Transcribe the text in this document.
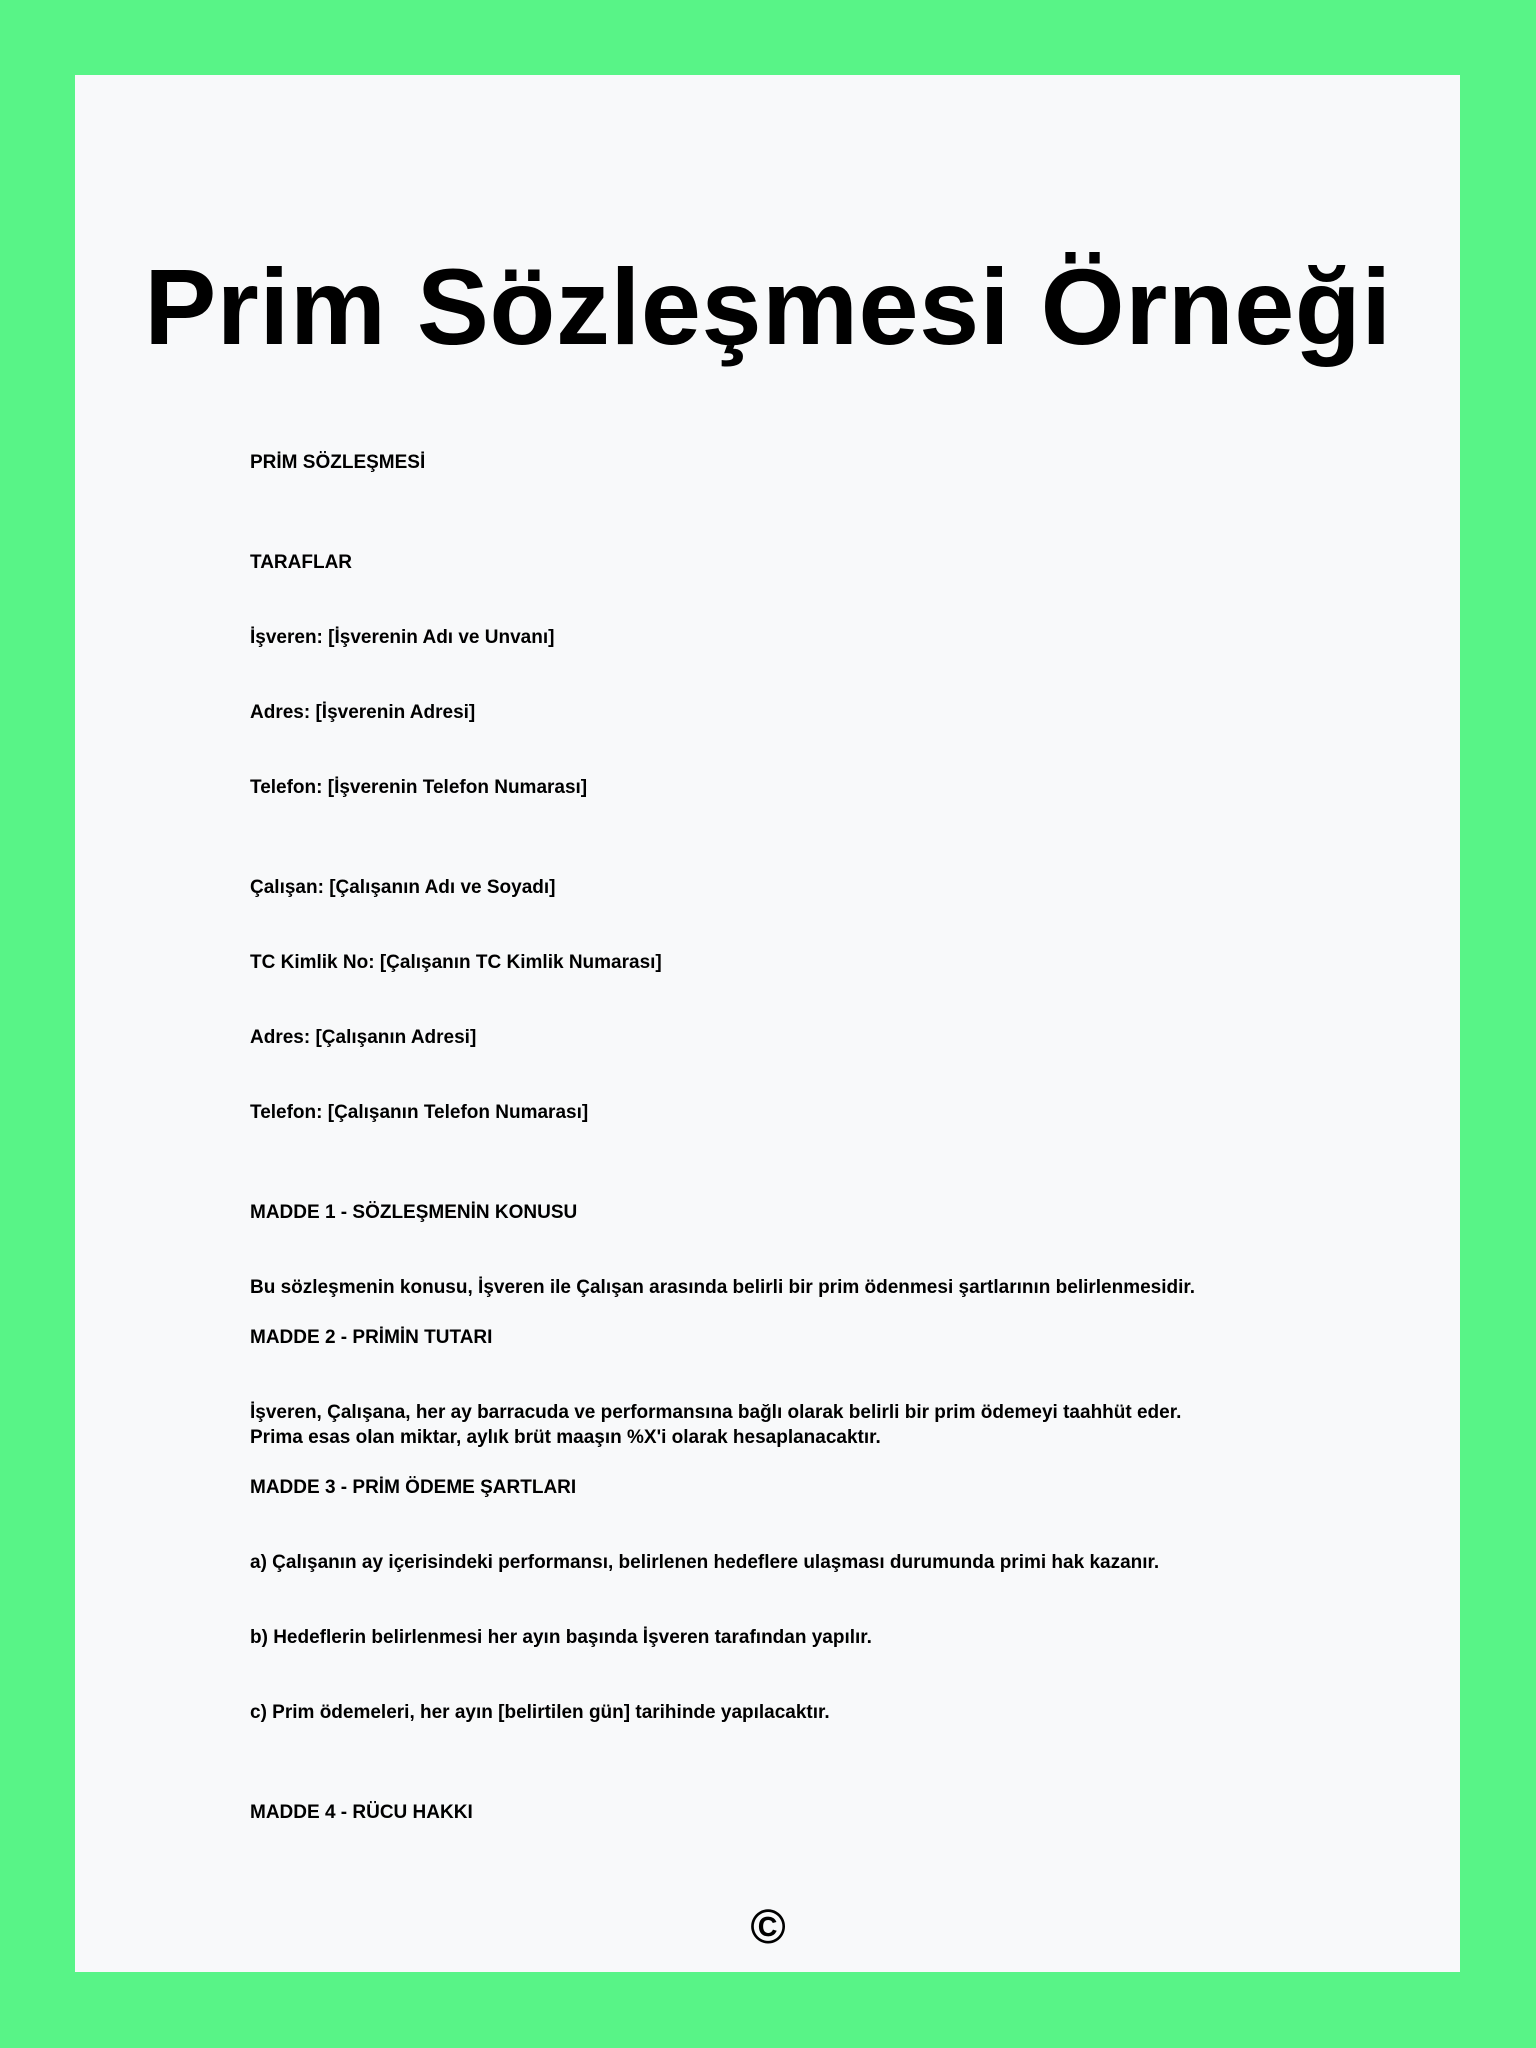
Prim Sözleşmesi Örneği

PRİM SÖZLEŞMESİ

TARAFLAR

İşveren: [İşverenin Adı ve Unvanı]

Adres: [İşverenin Adresi]

Telefon: [İşverenin Telefon Numarası]

Çalışan: [Çalışanın Adı ve Soyadı]

TC Kimlik No: [Çalışanın TC Kimlik Numarası]

Adres: [Çalışanın Adresi]

Telefon: [Çalışanın Telefon Numarası]

MADDE 1 - SÖZLEŞMENİN KONUSU

Bu sözleşmenin konusu, İşveren ile Çalışan arasında belirli bir prim ödenmesi şartlarının belirlenmesidir.

MADDE 2 - PRİMİN TUTARI

İşveren, Çalışana, her ay barracuda ve performansına bağlı olarak belirli bir prim ödemeyi taahhüt eder.

Prima esas olan miktar, aylık brüt maaşın %X'i olarak hesaplanacaktır.

MADDE 3 - PRİM ÖDEME ŞARTLARI

a) Çalışanın ay içerisindeki performansı, belirlenen hedeflere ulaşması durumunda primi hak kazanır.

b) Hedeflerin belirlenmesi her ayın başında İşveren tarafından yapılır.

c) Prim ödemeleri, her ayın [belirtilen gün] tarihinde yapılacaktır.

MADDE 4 - RÜCU HAKKI

©
